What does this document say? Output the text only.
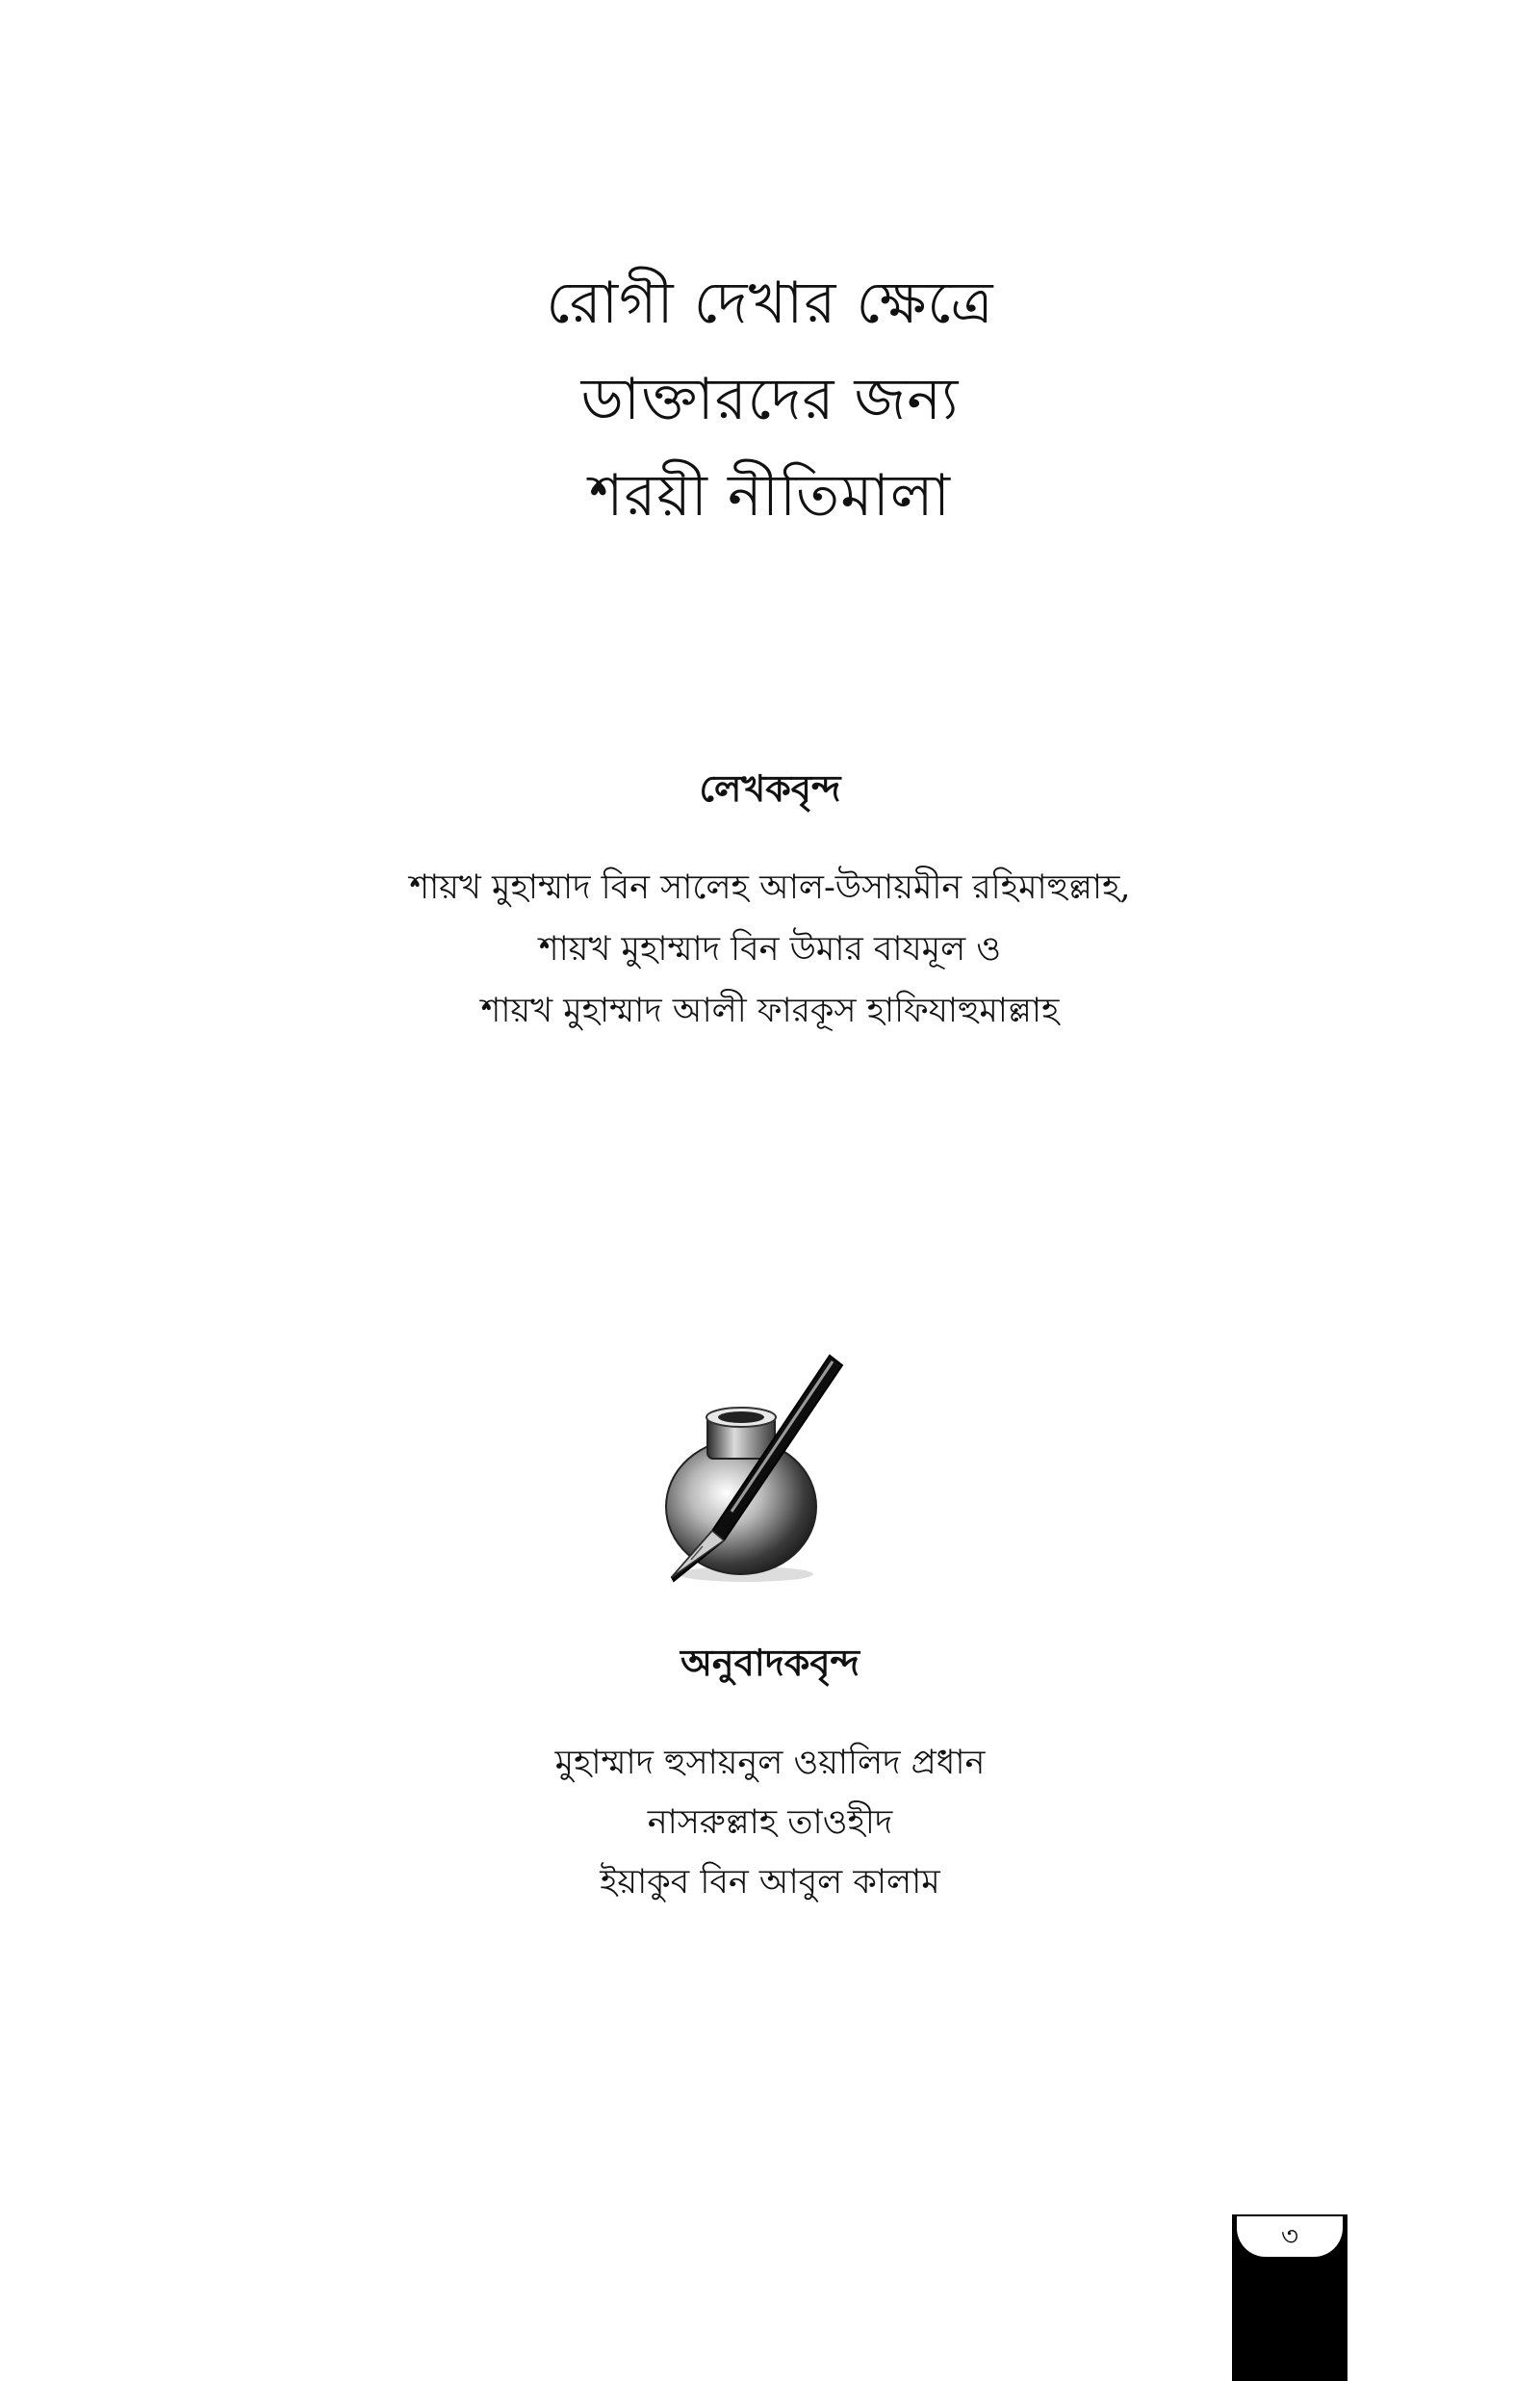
রোগী দেখার ক্ষেত্রে
ডাক্তারদের জন্য
শরয়ী নীতিমালা
লেখকবৃন্দ
শায়খ মুহাম্মাদ বিন সালেহ আল-উসায়মীন রহিমাহুল্লাহ,
শায়খ মুহাম্মাদ বিন উমার বাযমূল ও
শায়খ মুহাম্মাদ আলী ফারকূস হাফিযাহুমাল্লাহ
অনুবাদকবৃন্দ
মুহাম্মাদ হুসায়নুল ওয়ালিদ প্রধান
নাসরুল্লাহ তাওহীদ
ইয়াকুব বিন আবুল কালাম
৩
